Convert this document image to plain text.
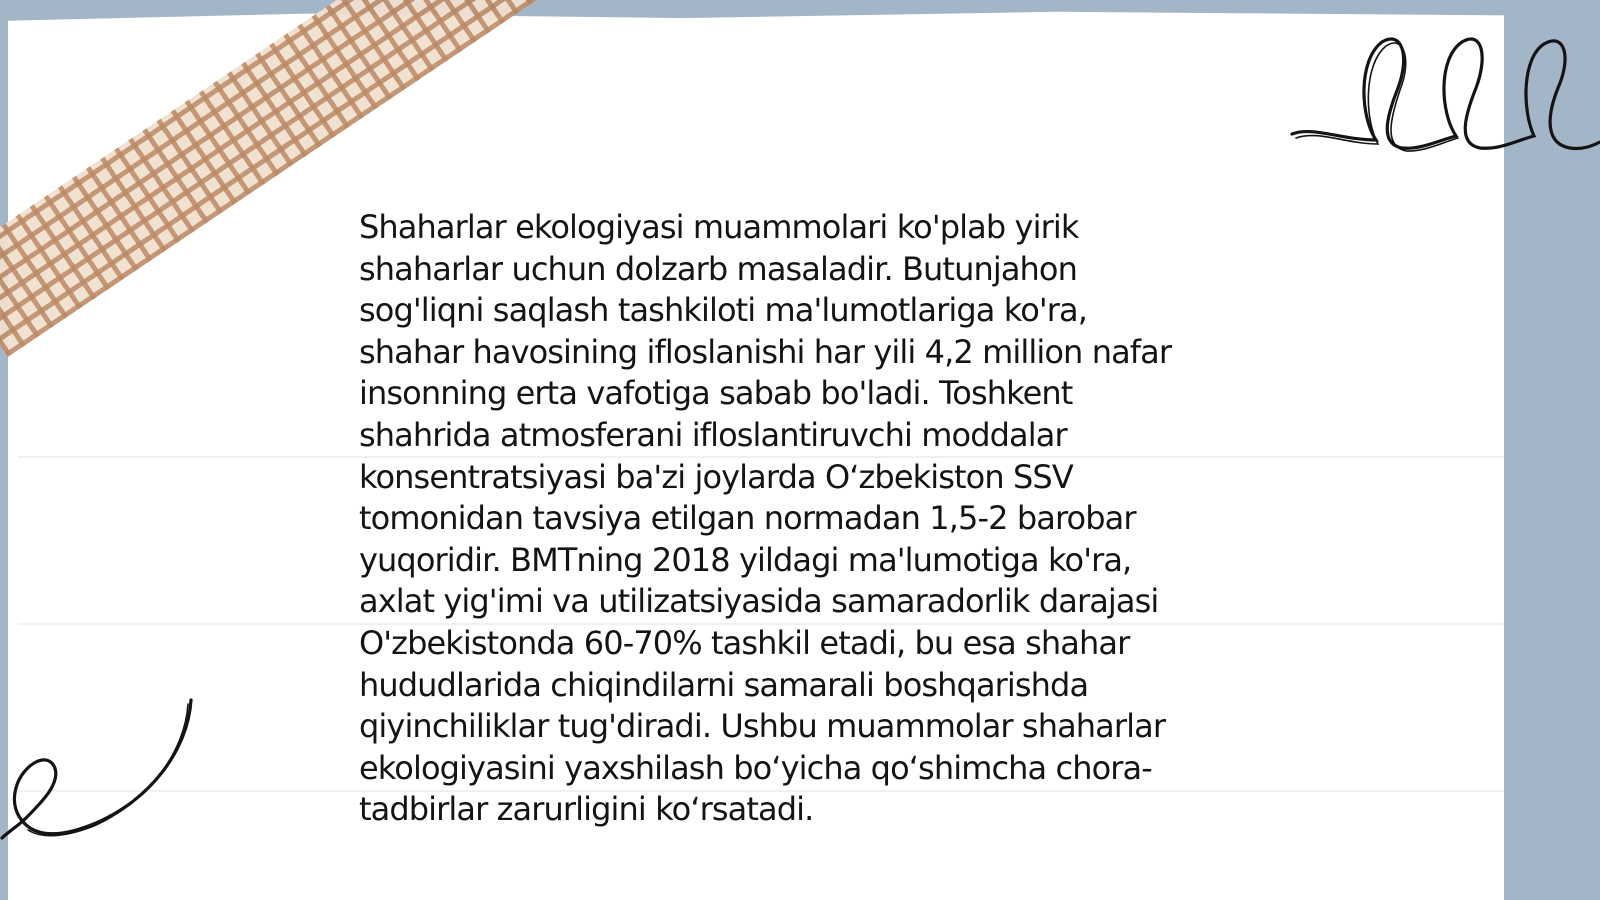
Shaharlar ekologiyasi muammolari ko'plab yirik
shaharlar uchun dolzarb masaladir. Butunjahon
sog'liqni saqlash tashkiloti ma'lumotlariga ko'ra,
shahar havosining ifloslanishi har yili 4,2 million nafar
insonning erta vafotiga sabab bo'ladi. Toshkent
shahrida atmosferani ifloslantiruvchi moddalar
konsentratsiyasi ba'zi joylarda O‘zbekiston SSV
tomonidan tavsiya etilgan normadan 1,5-2 barobar
yuqoridir. BMTning 2018 yildagi ma'lumotiga ko'ra,
axlat yig'imi va utilizatsiyasida samaradorlik darajasi
O'zbekistonda 60-70% tashkil etadi, bu esa shahar
hududlarida chiqindilarni samarali boshqarishda
qiyinchiliklar tug'diradi. Ushbu muammolar shaharlar
ekologiyasini yaxshilash bo‘yicha qo‘shimcha chora-
tadbirlar zarurligini ko‘rsatadi.
